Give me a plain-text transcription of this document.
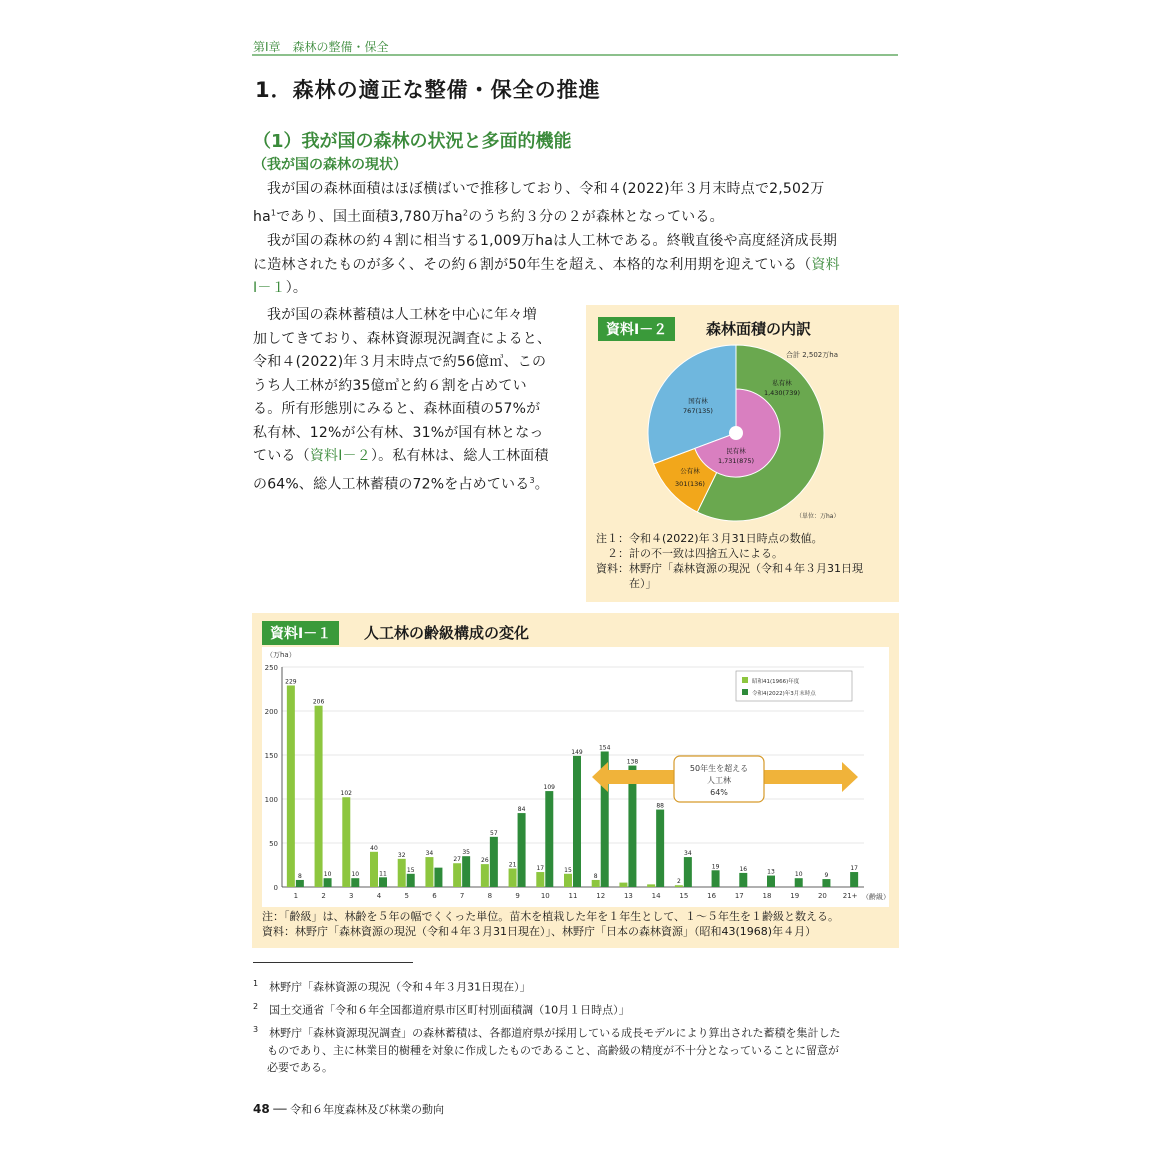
第Ⅰ章　森林の整備・保全
1．森林の適正な整備・保全の推進
（1）我が国の森林の状況と多面的機能
（我が国の森林の現状）
我が国の森林面積はほぼ横ばいで推移しており、令和４(2022)年３月末時点で2,502万
$ha^1$であり、国土面積3,780万$ha^2$のうち約３分の２が森林となっている。
我が国の森林の約４割に相当する1,009万haは人工林である。終戦直後や高度経済成長期
に造林されたものが多く、その約６割が50年生を超え、本格的な利用期を迎えている（資料
Ⅰ－１）。
我が国の森林蓄積は人工林を中心に年々増
加してきており、森林資源現況調査によると、
令和４(2022)年３月末時点で約56億㎥、この
うち人工林が約35億㎥と約６割を占めてい
る。所有形態別にみると、森林面積の57%が
私有林、12%が公有林、31%が国有林となっ
ている（資料Ⅰ－２）。私有林は、総人工林面積
の64%、総人工林蓄積の72%を占めている$^3$。
資料Ⅰ－２	森林面積の内訳
合計 2,502万ha
（単位：万ha）
私有林
1,430(739)
国有林
767(135)
公有林
301(136)
民有林
1,731(875)
注１：令和４(2022)年３月31日時点の数値。
　２：計の不一致は四捨五入による。
資料：林野庁「森林資源の現況（令和４年３月31日現
　　　在）」
資料Ⅰ－１	人工林の齢級構成の変化
（万ha）
（齢級）
0
50
100
150
200
250
1	2	3	4	5	6	7	8	9	10	11	12	13	14	15	16	17	18	19	20 21+
229
8
206
10
102
10
40
11
32
15
34
27
35
26
57
21
84
17
109
15
149
8
154
138
88
2
34
19	16	13	10	9
17
昭和41(1966)年度
令和4(2022)年3月末時点
50年生を超える
人工林
64%
注：「齢級」は、林齢を５年の幅でくくった単位。苗木を植栽した年を１年生として、１～５年生を１齢級と数える。
資料：林野庁「森林資源の現況（令和４年３月31日現在）」、林野庁「日本の森林資源」（昭和43(1968)年４月）
$^1$　 林野庁「森林資源の現況（令和４年３月31日現在）」
$^2$　 国土交通省「令和６年全国都道府県市区町村別面積調（10月１日時点）」
$^3$　 林野庁「森林資源現況調査」の森林蓄積は、各都道府県が採用している成長モデルにより算出された蓄積を集計した
ものであり、主に林業目的樹種を対象に作成したものであること、高齢級の精度が不十分となっていることに留意が
必要である。
48 ── 令和６年度森林及び林業の動向
